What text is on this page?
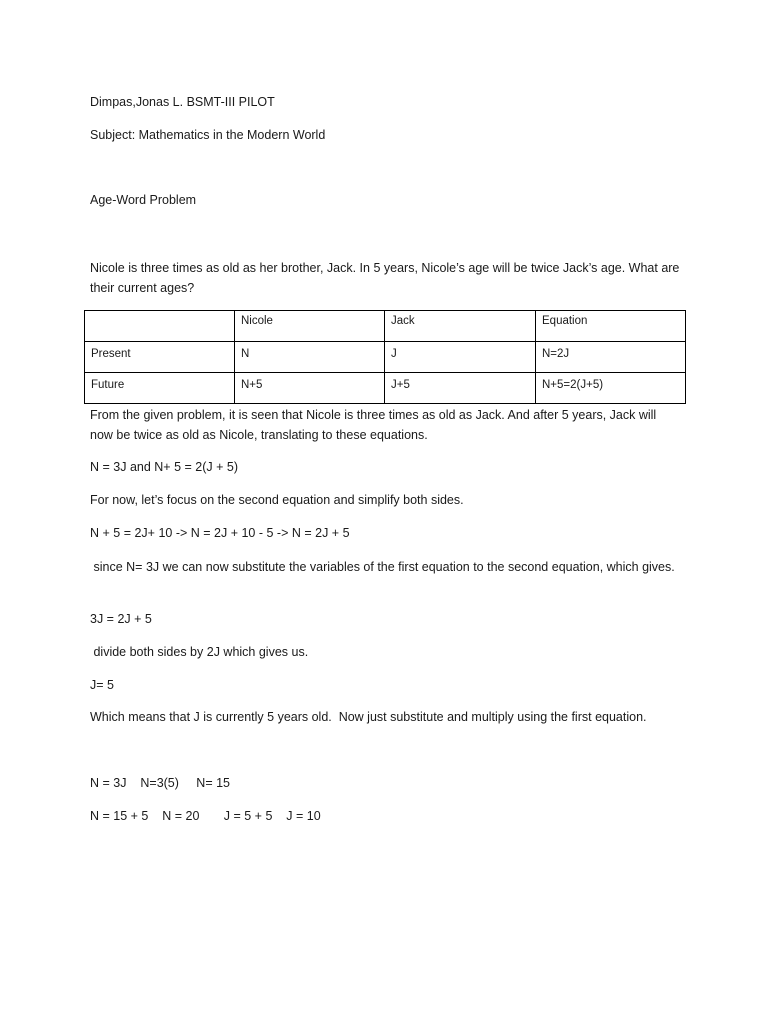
Dimpas,Jonas L. BSMT-III PILOT
Subject: Mathematics in the Modern World
Age-Word Problem
Nicole is three times as old as her brother, Jack. In 5 years, Nicole’s age will be twice Jack’s age. What are their current ages?

	Nicole	Jack	Equation

Present	N	J	N=2J

Future	N+5	J+5	N+5=2(J+5)
From the given problem, it is seen that Nicole is three times as old as Jack. And after 5 years, Jack will now be twice as old as Nicole, translating to these equations.
N = 3J and N+ 5 = 2(J + 5)
For now, let’s focus on the second equation and simplify both sides.
N + 5 = 2J+ 10 -> N = 2J + 10 - 5 -> N = 2J + 5
since N= 3J we can now substitute the variables of the first equation to the second equation, which gives.
3J = 2J + 5
divide both sides by 2J which gives us.
J= 5
Which means that J is currently 5 years old.  Now just substitute and multiply using the first equation.
N = 3J    N=3(5)     N= 15
N = 15 + 5    N = 20       J = 5 + 5    J = 10
